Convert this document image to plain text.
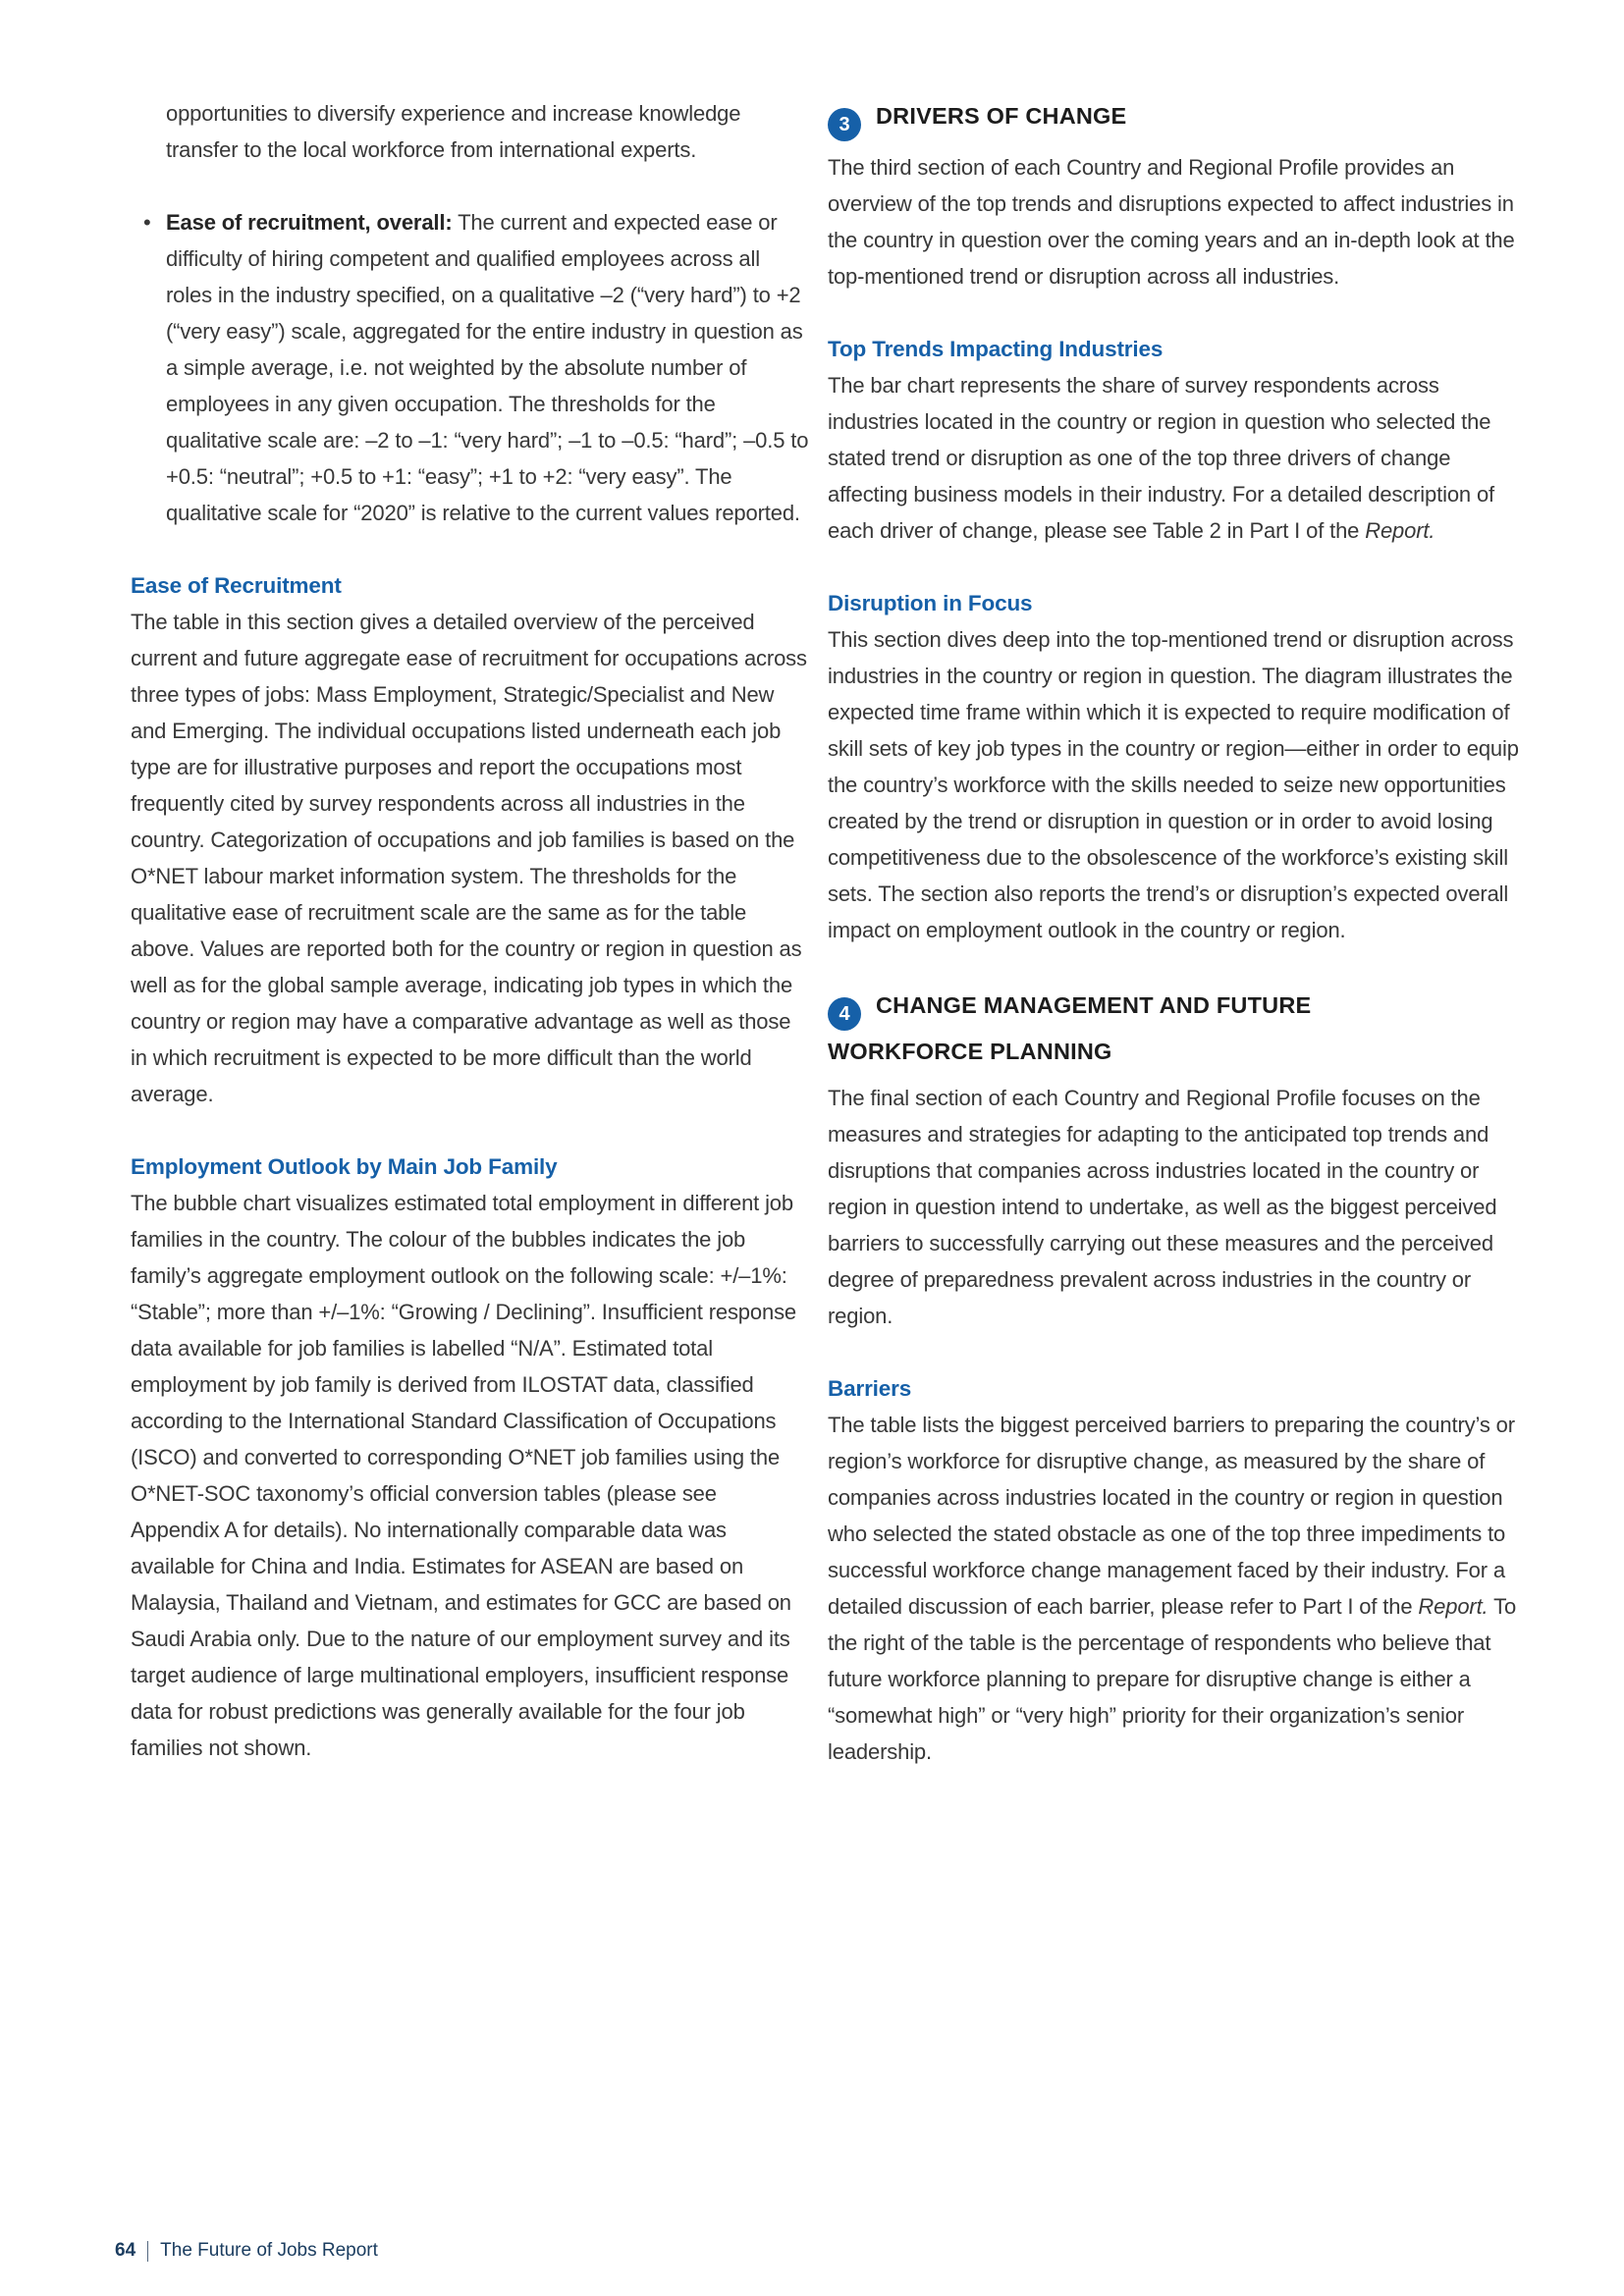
opportunities to diversify experience and increase knowledge transfer to the local workforce from international experts.

• Ease of recruitment, overall: The current and expected ease or difficulty of hiring competent and qualified employees across all roles in the industry specified, on a qualitative –2 (“very hard”) to +2 (“very easy”) scale, aggregated for the entire industry in question as a simple average, i.e. not weighted by the absolute number of employees in any given occupation. The thresholds for the qualitative scale are: –2 to –1: “very hard”; –1 to –0.5: “hard”; –0.5 to +0.5: “neutral”; +0.5 to +1: “easy”; +1 to +2: “very easy”. The qualitative scale for “2020” is relative to the current values reported.
Ease of Recruitment

The table in this section gives a detailed overview of the perceived current and future aggregate ease of recruitment for occupations across three types of jobs: Mass Employment, Strategic/Specialist and New and Emerging. The individual occupations listed underneath each job type are for illustrative purposes and report the occupations most frequently cited by survey respondents across all industries in the country. Categorization of occupations and job families is based on the O*NET labour market information system. The thresholds for the qualitative ease of recruitment scale are the same as for the table above. Values are reported both for the country or region in question as well as for the global sample average, indicating job types in which the country or region may have a comparative advantage as well as those in which recruitment is expected to be more difficult than the world average.

Employment Outlook by Main Job Family

The bubble chart visualizes estimated total employment in different job families in the country. The colour of the bubbles indicates the job family’s aggregate employment outlook on the following scale: +/–1%: “Stable”; more than +/–1%: “Growing / Declining”. Insufficient response data available for job families is labelled “N/A”. Estimated total employment by job family is derived from ILOSTAT data, classified according to the International Standard Classification of Occupations (ISCO) and converted to corresponding O*NET job families using the O*NET-SOC taxonomy’s official conversion tables (please see Appendix A for details). No internationally comparable data was available for China and India. Estimates for ASEAN are based on Malaysia, Thailand and Vietnam, and estimates for GCC are based on Saudi Arabia only. Due to the nature of our employment survey and its target audience of large multinational employers, insufficient response data for robust predictions was generally available for the four job families not shown.

3 DRIVERS OF CHANGE

The third section of each Country and Regional Profile provides an overview of the top trends and disruptions expected to affect industries in the country in question over the coming years and an in-depth look at the top-mentioned trend or disruption across all industries.

Top Trends Impacting Industries

The bar chart represents the share of survey respondents across industries located in the country or region in question who selected the stated trend or disruption as one of the top three drivers of change affecting business models in their industry. For a detailed description of each driver of change, please see Table 2 in Part I of the Report.

Disruption in Focus

This section dives deep into the top-mentioned trend or disruption across industries in the country or region in question. The diagram illustrates the expected time frame within which it is expected to require modification of skill sets of key job types in the country or region—either in order to equip the country’s workforce with the skills needed to seize new opportunities created by the trend or disruption in question or in order to avoid losing competitiveness due to the obsolescence of the workforce’s existing skill sets. The section also reports the trend’s or disruption’s expected overall impact on employment outlook in the country or region.

4 CHANGE MANAGEMENT AND FUTURE
WORKFORCE PLANNING

The final section of each Country and Regional Profile focuses on the measures and strategies for adapting to the anticipated top trends and disruptions that companies across industries located in the country or region in question intend to undertake, as well as the biggest perceived barriers to successfully carrying out these measures and the perceived degree of preparedness prevalent across industries in the country or region.

Barriers

The table lists the biggest perceived barriers to preparing the country’s or region’s workforce for disruptive change, as measured by the share of companies across industries located in the country or region in question who selected the stated obstacle as one of the top three impediments to successful workforce change management faced by their industry. For a detailed discussion of each barrier, please refer to Part I of the Report. To the right of the table is the percentage of respondents who believe that future workforce planning to prepare for disruptive change is either a “somewhat high” or “very high” priority for their organization’s senior leadership.

64 The Future of Jobs Report
